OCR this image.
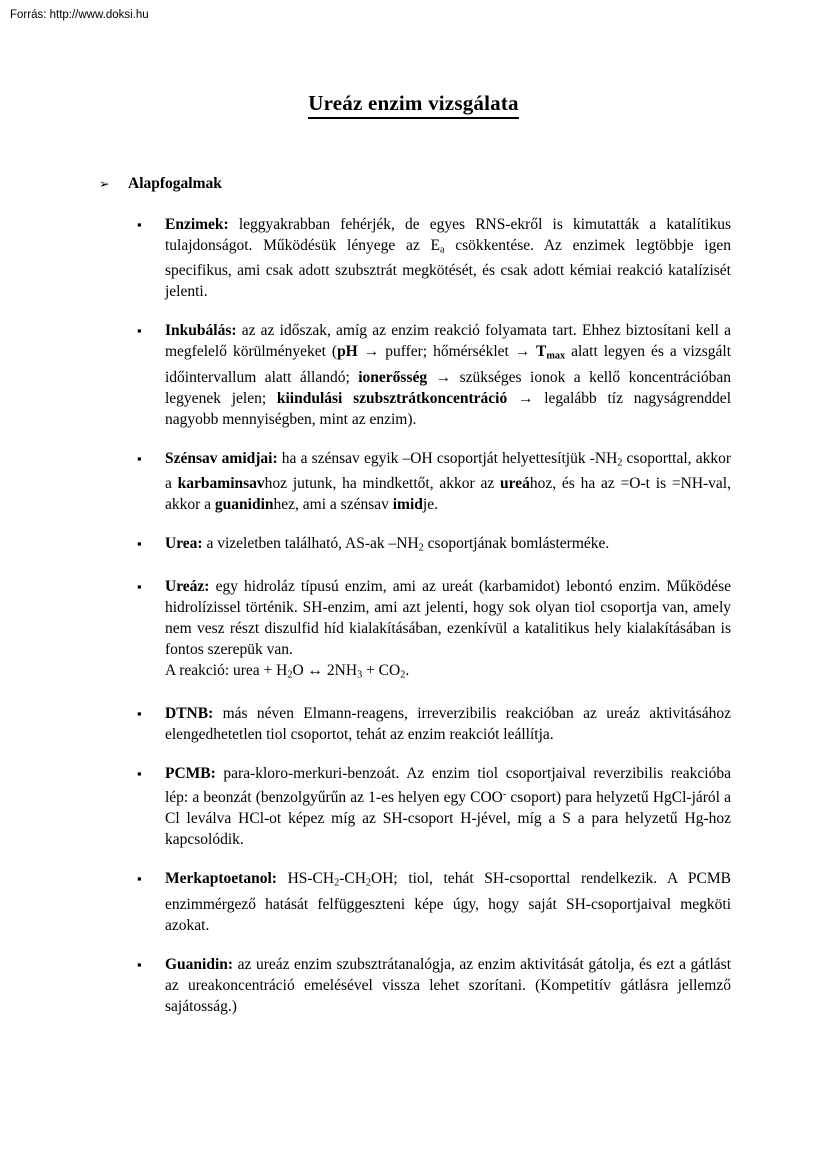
Forrás: http://www.doksi.hu
Ureáz enzim vizsgálata
➢	Alapfogalmak
▪	Enzimek: leggyakrabban fehérjék, de egyes RNS-ekről is kimutatták a katalítikus tulajdonságot. Működésük lényege az $E_a$ csökkentése. Az enzimek legtöbbje igen specifikus, ami csak adott szubsztrát megkötését, és csak adott kémiai reakció katalízisét jelenti.
▪	Inkubálás: az az időszak, amíg az enzim reakció folyamata tart. Ehhez biztosítani kell a megfelelő körülményeket (pH → puffer; hőmérséklet → $T_{max}$ alatt legyen és a vizsgált időintervallum alatt állandó; ionerősség → szükséges ionok a kellő koncentrációban legyenek jelen; kiindulási szubsztrátkoncentráció → legalább tíz nagyságrenddel nagyobb mennyiségben, mint az enzim).
▪	Szénsav amidjai: ha a szénsav egyik –OH csoportját helyettesítjük $-NH_2$ csoporttal, akkor a karbaminsavhoz jutunk, ha mindkettőt, akkor az ureához, és ha az =O-t is =NH-val, akkor a guanidinhez, ami a szénsav imidje.
▪	Urea: a vizeletben található, AS-ak $-NH_2$ csoportjának bomlásterméke.
▪	Ureáz: egy hidroláz típusú enzim, ami az ureát (karbamidot) lebontó enzim. Működése hidrolízissel történik. SH-enzim, ami azt jelenti, hogy sok olyan tiol csoportja van, amely nem vesz részt diszulfid híd kialakításában, ezenkívül a katalitikus hely kialakításában is fontos szerepük van.
A reakció: urea + $H_2O$ ↔ $2NH_3 + CO_2$.
▪	DTNB: más néven Elmann-reagens, irreverzibilis reakcióban az ureáz aktivitásához elengedhetetlen tiol csoportot, tehát az enzim reakciót leállítja.
▪	PCMB: para-kloro-merkuri-benzoát. Az enzim tiol csoportjaival reverzibilis reakcióba lép: a beonzát (benzolgyűrűn az 1-es helyen egy COO- csoport) para helyzetű HgCl-járól a Cl leválva HCl-ot képez míg az SH-csoport H-jével, míg a S a para helyzetű Hg-hoz kapcsolódik.
▪	Merkaptoetanol: $HS-CH_2-CH_2OH$; tiol, tehát SH-csoporttal rendelkezik. A PCMB enzimmérgező hatását felfüggeszteni képe úgy, hogy saját SH-csoportjaival megköti azokat.
▪	Guanidin: az ureáz enzim szubsztrátanalógja, az enzim aktivitását gátolja, és ezt a gátlást az ureakoncentráció emelésével vissza lehet szorítani. (Kompetitív gátlásra jellemző sajátosság.)
